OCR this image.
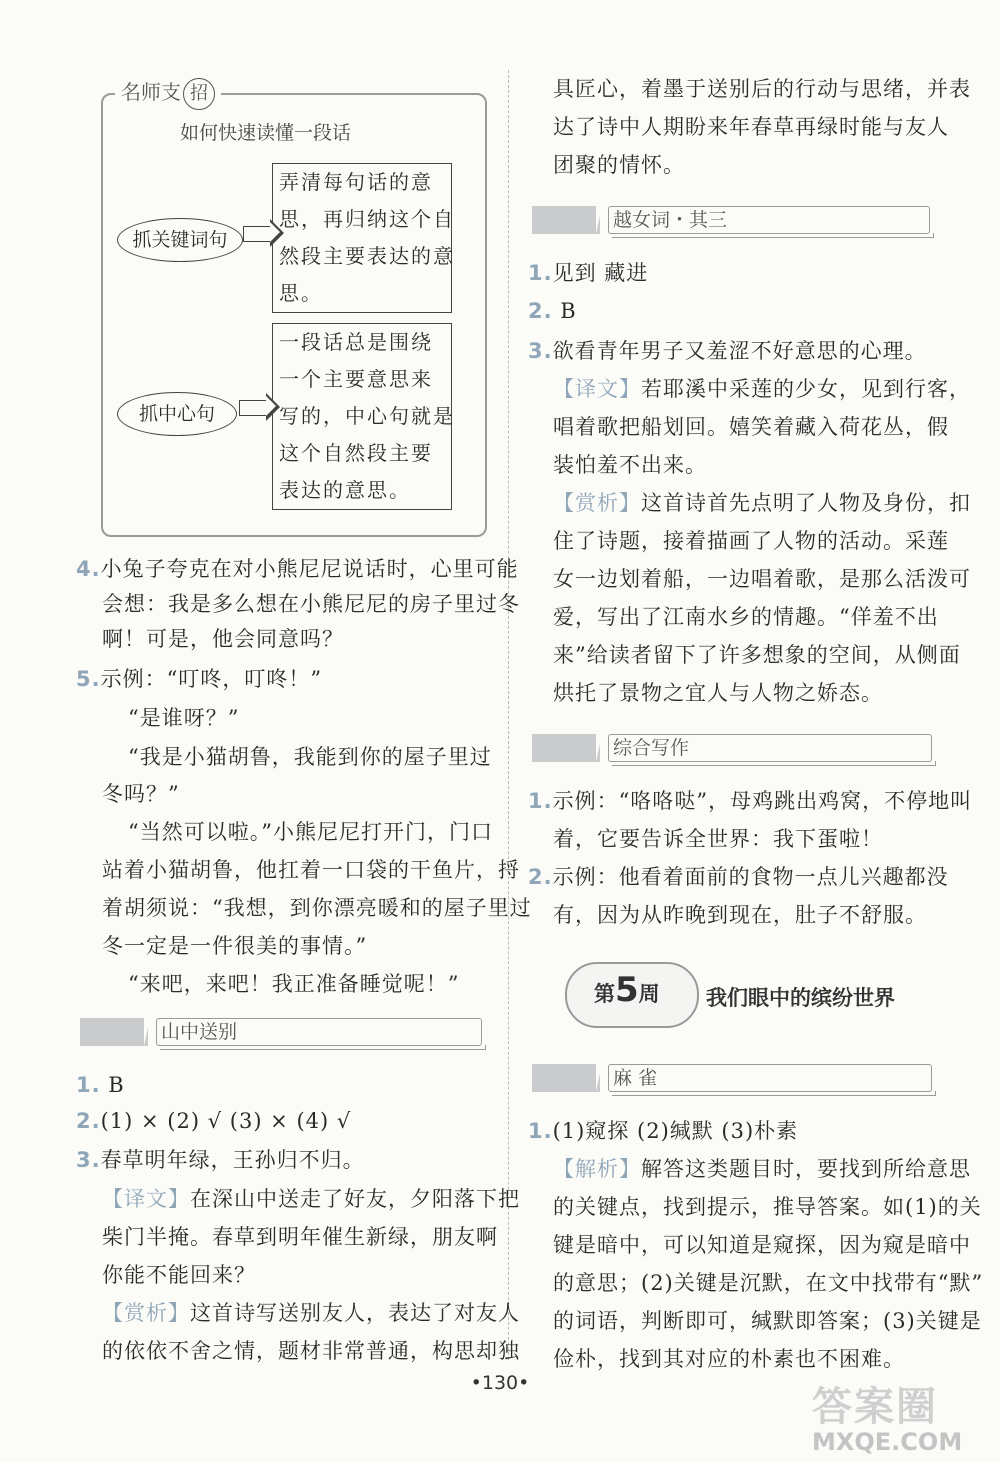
名师支 招
如何快速读懂一段话
抓关键词句
弄清每句话的意
思，再归纳这个自
然段主要表达的意
思。
抓中心句
一段话总是围绕
一个主要意思来
写的，中心句就是
这个自然段主要
表达的意思。
4.小兔子夸克在对小熊尼尼说话时，心里可能
会想：我是多么想在小熊尼尼的房子里过冬
啊！可是，他会同意吗？
5.示例：“叮咚，叮咚！”
“是谁呀？”
“我是小猫胡鲁，我能到你的屋子里过
冬吗？”
“当然可以啦。”小熊尼尼打开门，门口
站着小猫胡鲁，他扛着一口袋的干鱼片，捋
着胡须说：“我想，到你漂亮暖和的屋子里过
冬一定是一件很美的事情。”
“来吧，来吧！我正准备睡觉呢！”
山中送别
1. B
2.(1) × (2) √ (3) × (4) √
3.春草明年绿，王孙归不归。
【译文】在深山中送走了好友，夕阳落下把
柴门半掩。春草到明年催生新绿，朋友啊
你能不能回来？
【赏析】这首诗写送别友人，表达了对友人
的依依不舍之情，题材非常普通，构思却独
具匠心，着墨于送别后的行动与思绪，并表
达了诗中人期盼来年春草再绿时能与友人
团聚的情怀。
越女词・其三
1.见到 藏进
2. B
3.欲看青年男子又羞涩不好意思的心理。
【译文】若耶溪中采莲的少女，见到行客，
唱着歌把船划回。嬉笑着藏入荷花丛，假
装怕羞不出来。
【赏析】这首诗首先点明了人物及身份，扣
住了诗题，接着描画了人物的活动。采莲
女一边划着船，一边唱着歌，是那么活泼可
爱，写出了江南水乡的情趣。“佯羞不出
来”给读者留下了许多想象的空间，从侧面
烘托了景物之宜人与人物之娇态。
综合写作
1.示例：“咯咯哒”，母鸡跳出鸡窝，不停地叫
着，它要告诉全世界：我下蛋啦！
2.示例：他看着面前的食物一点儿兴趣都没
有，因为从昨晚到现在，肚子不舒服。
第5周 我们眼中的缤纷世界
麻 雀
1.(1)窥探 (2)缄默 (3)朴素
【解析】解答这类题目时，要找到所给意思
的关键点，找到提示，推导答案。如(1)的关
键是暗中，可以知道是窥探，因为窥是暗中
的意思；(2)关键是沉默，在文中找带有“默”
的词语，判断即可，缄默即答案；(3)关键是
俭朴，找到其对应的朴素也不困难。
•130•
答案圈
MXQE.COM
